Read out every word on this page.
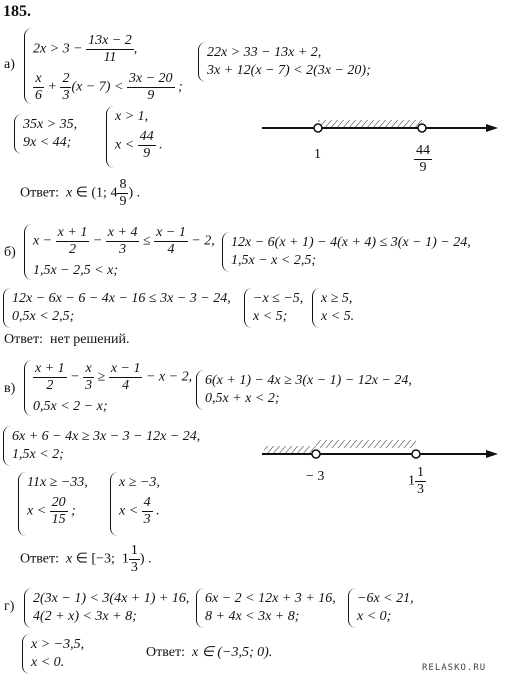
185.
а)
$2x > 3 - \frac{13x - 2}{11}$ ,
$\frac{x}{6} + \frac{2}{3} (x - 7) < \frac{3x - 20}{9}$ ;
22x > 33 − 13x + 2,
3x + 12(x − 7) < 2(3x − 20);
35x > 35,
9x < 44;
x > 1,
$x < \frac{44}{9}$ .
1	$\frac{44}{9}$
Ответ: x ∈ (1; $4 \frac{8}{9}$ ) .
б)
$x - \frac{x + 1}{2} - \frac{x + 4}{3} \le \frac{x - 1}{4} - 2$,
1,5x − 2,5 < x;
12x − 6(x + 1) − 4(x + 4) ≤ 3(x − 1) − 24,
1,5x − x < 2,5;
12x − 6x − 6 − 4x − 16 ≤ 3x − 3 − 24,
0,5x < 2,5;
−x ≤ −5,
x < 5;
x ≥ 5,
x < 5.
Ответ: нет решений.
$в) \frac{x + 1}{2} - \frac{x}{3} \ge \frac{x - 1}{4} - x - 2$,
0,5x < 2 − x;
6(x + 1) − 4x ≥ 3(x − 1) − 12x − 24,
0,5x + x < 2;
6x + 6 − 4x ≥ 3x − 3 − 12x − 24,
1,5x < 2;
11x ≥ −33,
$x < \frac{20}{15}$ ;
x ≥ −3,
$x < \frac{4}{3}$ .
− 3	$1 \frac{1}{3}$
Ответ: x ∈ [−3;  $1 \frac{1}{3}$ ) .
г)
2(3x − 1) < 3(4x + 1) + 16,
4(2 + x) < 3x + 8;
6x − 2 < 12x + 3 + 16,
8 + 4x < 3x + 8;
−6x < 21,
x < 0;
x > −3,5,
x < 0.
Ответ: x ∈ (−3,5; 0).
RELASKO.RU
